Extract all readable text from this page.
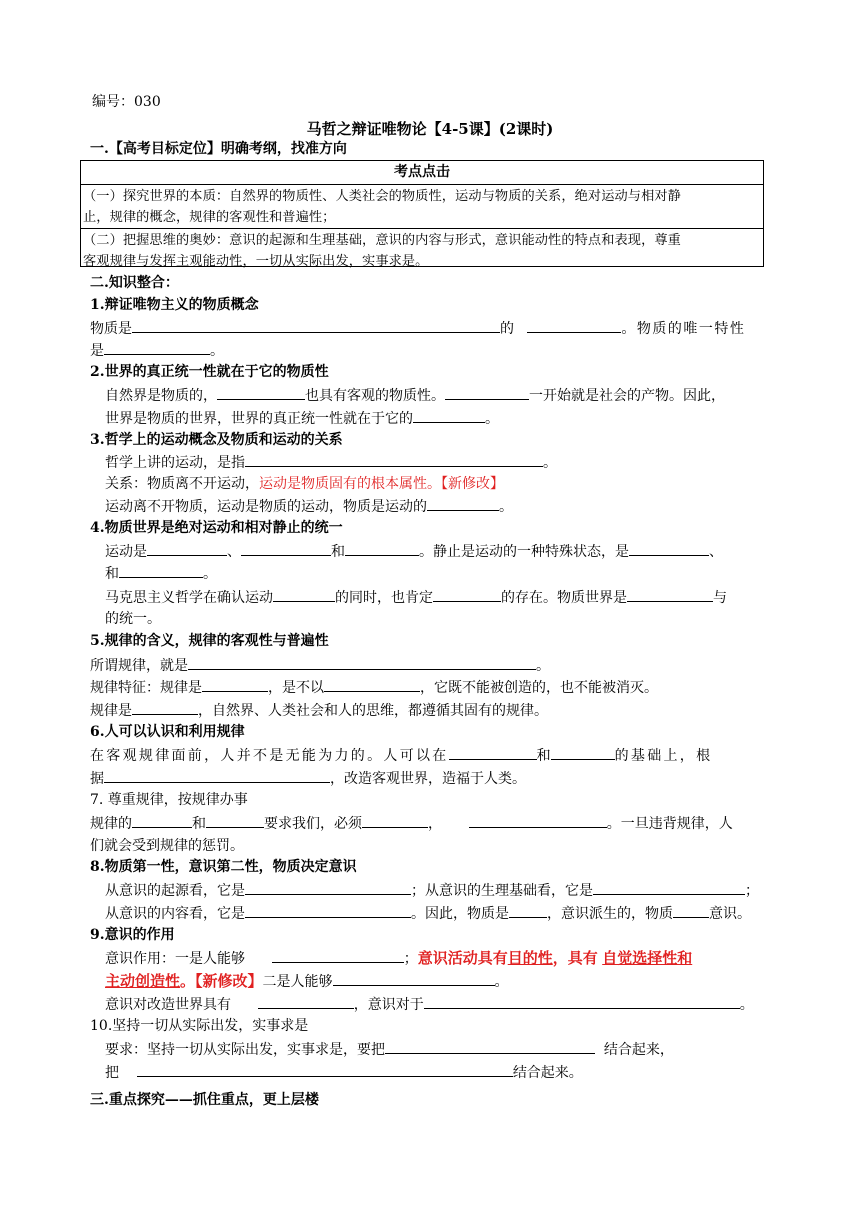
编号：030
马哲之辩证唯物论【4-5课】(2课时)
一.【高考目标定位】明确考纲，找准方向
考点点击
（一）探究世界的本质：自然界的物质性、人类社会的物质性，运动与物质的关系，绝对运动与相对静
止，规律的概念，规律的客观性和普遍性；
（二）把握思维的奥妙：意识的起源和生理基础，意识的内容与形式，意识能动性的特点和表现，尊重
客观规律与发挥主观能动性，一切从实际出发，实事求是。
二.知识整合：
1.辩证唯物主义的物质概念
物质是	的	。物质的唯一特性
是	。
2.世界的真正统一性就在于它的物质性
自然界是物质的，	也具有客观的物质性。	一开始就是社会的产物。因此，
世界是物质的世界，世界的真正统一性就在于它的	。
3.哲学上的运动概念及物质和运动的关系
哲学上讲的运动，是指	。
关系：物质离不开运动，运动是物质固有的根本属性。【新修改】
运动离不开物质，运动是物质的运动，物质是运动的	。
4.物质世界是绝对运动和相对静止的统一
运动是	、	和	。静止是运动的一种特殊状态，是	、
和	。
马克思主义哲学在确认运动	的同时，也肯定	的存在。物质世界是	与
的统一。
5.规律的含义，规律的客观性与普遍性
所谓规律，就是	。
规律特征：规律是	，是不以	，它既不能被创造的，也不能被消灭。
规律是	，自然界、人类社会和人的思维，都遵循其固有的规律。
6.人可以认识和利用规律
在客观规律面前，人并不是无能为力的。人可以在	和	的基础上，根
据	，改造客观世界，造福于人类。
7. 尊重规律，按规律办事
规律的	和	要求我们，必须	，	。一旦违背规律，人
们就会受到规律的惩罚。
8.物质第一性，意识第二性，物质决定意识
从意识的起源看，它是	；从意识的生理基础看，它是	；
从意识的内容看，它是	。因此，物质是	，意识派生的，物质	意识。
9.意识的作用
意识作用：一是人能够	；意识活动具有目的性，具有 自觉选择性和
主动创造性。【新修改】二是人能够	。
意识对改造世界具有	，意识对于	。
10.坚持一切从实际出发，实事求是
要求：坚持一切从实际出发，实事求是，要把	结合起来，
把	结合起来。
三.重点探究——抓住重点，更上层楼
